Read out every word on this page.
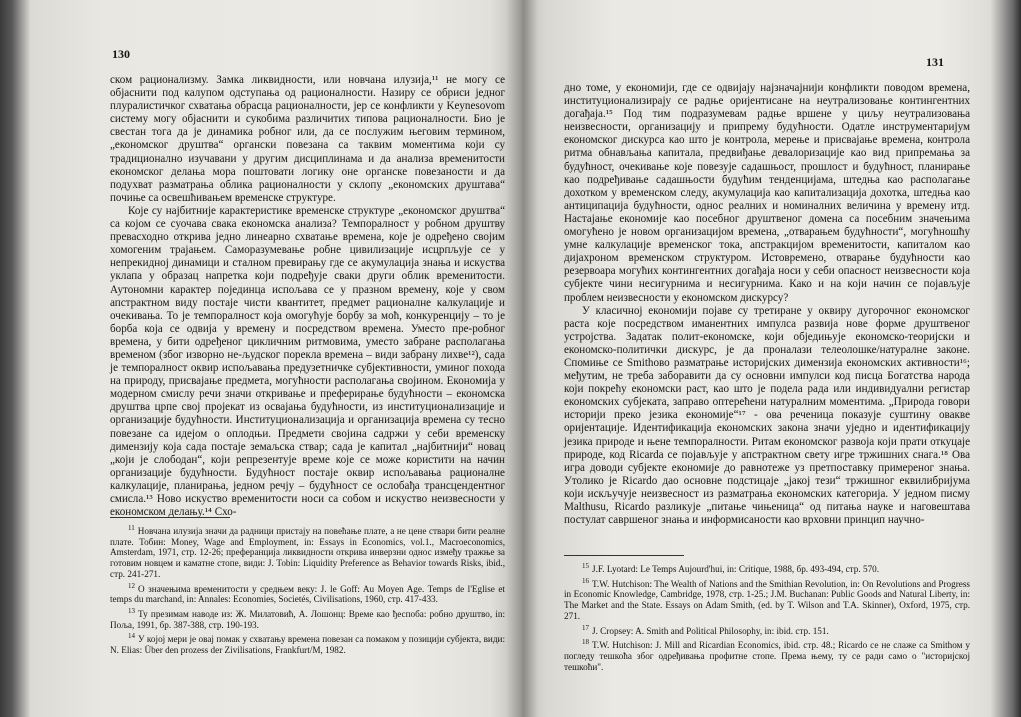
130

ском рационализму. Замка ликвидности, или новчана илузија,¹¹ не могу се објаснити под калупом одступања од рационалности. Назиру се обриси једног плуралистичког схватања обрасца рационалности, јер се конфликти у Keynesovom систему могу објаснити и сукобима различитих типова рационалности. Био је свестан тога да је динамика робног или, да се послужим његовим термином, „економског друштва“ органски повезана са таквим моментима који су традиционално изучавани у другим дисциплинама и да анализа временитости економског делања мора поштовати логику оне органске повезаности и да подухват разматрања облика рационалности у склопу „економских друштава“ почиње са освешћивањем временске структуре.

Које су најбитније карактеристике временске структуре „економског друштва“ са којом се суочава свака економска анализа? Темпоралност у робном друштву превасходно открива једно линеарно схватање времена, које је одређено својим хомогеним трајањем. Саморазумевање робне цивилизације исцрпљује се у непрекидној динамици и сталном превирању где се акумулација знања и искуства уклапа у образац напретка који подређује сваки други облик временитости. Аутономни карактер појединца испољава се у празном времену, које у свом апстрактном виду постаје чисти квантитет, предмет рационалне калкулације и очекивања. То је темпоралност која омогућује борбу за моћ, конкуренцију – то је борба која се одвија у времену и посредством времена. Уместо пре-робног времена, у бити одређеног цикличним ритмовима, уместо забране располагања временом (због изворно не-људског порекла времена – види забрану лихве¹²), сада је темпоралност оквир испољавања предузетничке субјективности, уминог похода на природу, присвајање предмета, могућности располагања својином. Економија у модерном смислу речи значи откривање и преферирање будућности – економска друштва црпе свој пројекат из освајања будућности, из институционализације и организације будућности. Институционализација и организација времена су тесно повезане са идејом о оплодњи. Предмети својина садржи у себи временску димензију која сада постаје земаљска ствар; сада је капитал „најбитнији“ новац „који је слободан“, који репрезентује време које се може користити на начин организације будућности. Будућност постаје оквир испољавања рационалне калкулације, планирања, једном речју – будућност се ослобађа трансцендентног смисла.¹³ Ново искуство временитости носи са собом и искуство неизвесности у економском делању.¹⁴ Схо-

$^{11}$ Новчана илузија значи да радници пристају на повећање плате, а не цене ствари бити реалне плате. Тобин: Money, Wage and Employment, in: Essays in Economics, vol.1., Macroeconomics, Amsterdam, 1971, стр. 12-26; преферанција ликвидности открива инверзни однос између тражње за готовим новцем и каматне стопе, види: J. Tobin: Liquidity Preference as Behavior towards Risks, ibid., стр. 241-271.

$^{12}$ О значењима временитости у средњем веку: J. le Goff: Au Moyen Age. Temps de l'Eglise et temps du marchand, in: Annales: Economies, Societés, Civilisations, 1960, стр. 417-433.

$^{13}$ Ту презимам наводе из: Ж. Милатовић, А. Лошонц: Време као ђеспоба: робно друштво, in: Поља, 1991, бр. 387-388, стр. 190-193.

$^{14}$ У којој мери је овај помак у схватању времена повезан са помаком у позицији субјекта, види: N. Elias: Über den prozess der Zivilisations, Frankfurt/M, 1982.

131

дно томе, у економији, где се одвијају најзначајнији конфликти поводом времена, институционализирају се радње оријентисане на неутрализовање контингентних догађаја.¹⁵ Под тим подразумевам радње вршене у циљу неутрализовања неизвесности, организацију и припрему будућности. Одатле инструментаријум економског дискурса као што је контрола, мерење и присвајање времена, контрола ритма обнављања капитала, предвиђање девалоризације као вид припремања за будућност, очекивање које повезује садашњост, прошлост и будућност, планирање као подређивање садашњости будућим тенденцијама, штедња као располагање дохотком у временском следу, акумулација као капитализација дохотка, штедња као антиципација будућности, однос реалних и номиналних величина у времену итд. Настајање економије као посебног друштвеног домена са посебним значењима омогућено је новом организацијом времена, „отварањем будућности“, могућношћу умне калкулације временског тока, апстракцијом временитости, капиталом као дијахроном временском структуром. Истовремено, отварање будућности као резервоара могућих контингентних догађаја носи у себи опасност неизвесности која субјекте чини несигурнима и несигурнима. Како и на који начин се појављује проблем неизвесности у економском дискурсу?

У класичној економији појаве су третиране у оквиру дугорочног економског раста које посредством иманентних импулса развија нове форме друштвеног устројства. Задатак полит-економске, који обједињује економско-теоријски и економско-политички дискурс, је да проналази телеолошке/натуралне законе. Спомиње се Smithово разматрање историјских димензија економских активности¹⁶; међутим, не треба заборавити да су основни импулси код писца Богатства народа који покрећу економски раст, као што је подела рада или индивидуални регистар економских субјеката, заправо оптерећени натуралним моментима. „Природа говори историји преко језика економије“¹⁷ - ова реченица показује суштину овакве оријентације. Идентификација економских закона значи уједно и идентификацију језика природе и њене темпоралности. Ритам економског развоја који прати откуцаје природе, код Ricarda се појављује у апстрактном свету игре тржишних снага.¹⁸ Ова игра доводи субјекте економије до равнотеже уз претпоставку примереног знања. Утолико је Ricardo дао основне подстицаје „јакој тези“ тржишног еквилибријума који искључује неизвесност из разматрања економских категорија. У једном писму Malthusu, Ricardo разликује „питање чињеница“ од питања науке и наговештава постулат савршеног знања и информисаности као врховни принцип научно-

$^{15}$ J.F. Lyotard: Le Temps Aujourd'hui, in: Critique, 1988, бр. 493-494, стр. 570.

$^{16}$ T.W. Hutchison: The Wealth of Nations and the Smithian Revolution, in: On Revolutions and Progress in Economic Knowledge, Cambridge, 1978, стр. 1-25.; J.M. Buchanan: Public Goods and Natural Liberty, in: The Market and the State. Essays on Adam Smith, (ed. by T. Wilson and T.A. Skinner), Oxford, 1975, стр. 271.

$^{17}$ J. Cropsey: A. Smith and Political Philosophy, in: ibid. стр. 151.

$^{18}$ T.W. Hutchison: J. Mill and Ricardian Economics, ibid. стр. 48.; Ricardo се не слаже са Smithом у погледу тешкоћа због одређивања профитне стопе. Према њему, ту се ради само о "историјској тешкоћи".
